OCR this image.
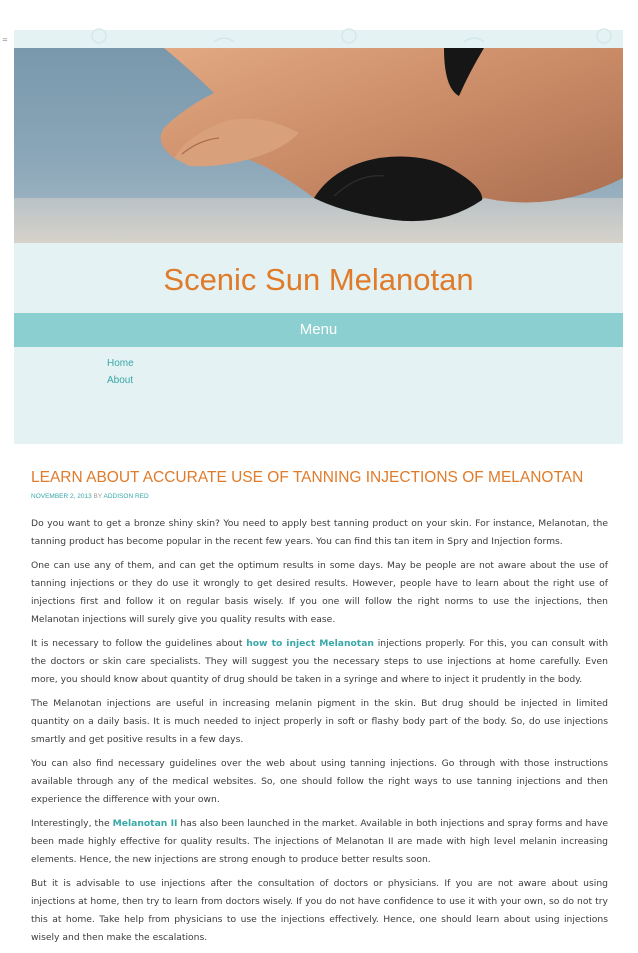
=
Scenic Sun Melanotan
Menu
Home
About
LEARN ABOUT ACCURATE USE OF TANNING INJECTIONS OF MELANOTAN
NOVEMBER 2, 2013 BY ADDISON RED

Do you want to get a bronze shiny skin? You need to apply best tanning product on your skin. For instance, Melanotan, the tanning product has become popular in the recent few years. You can find this tan item in Spry and Injection forms.

One can use any of them, and can get the optimum results in some days. May be people are not aware about the use of tanning injections or they do use it wrongly to get desired results. However, people have to learn about the right use of injections first and follow it on regular basis wisely. If you one will follow the right norms to use the injections, then Melanotan injections will surely give you quality results with ease.

It is necessary to follow the guidelines about how to inject Melanotan injections properly. For this, you can consult with the doctors or skin care specialists. They will suggest you the necessary steps to use injections at home carefully. Even more, you should know about quantity of drug should be taken in a syringe and where to inject it prudently in the body.

The Melanotan injections are useful in increasing melanin pigment in the skin. But drug should be injected in limited quantity on a daily basis. It is much needed to inject properly in soft or flashy body part of the body. So, do use injections smartly and get positive results in a few days.

You can also find necessary guidelines over the web about using tanning injections. Go through with those instructions available through any of the medical websites. So, one should follow the right ways to use tanning injections and then experience the difference with your own.

Interestingly, the Melanotan II has also been launched in the market. Available in both injections and spray forms and have been made highly effective for quality results. The injections of Melanotan II are made with high level melanin increasing elements. Hence, the new injections are strong enough to produce better results soon.

But it is advisable to use injections after the consultation of doctors or physicians. If you are not aware about using injections at home, then try to learn from doctors wisely. If you do not have confidence to use it with your own, so do not try this at home. Take help from physicians to use the injections effectively. Hence, one should learn about using injections wisely and then make the escalations.
